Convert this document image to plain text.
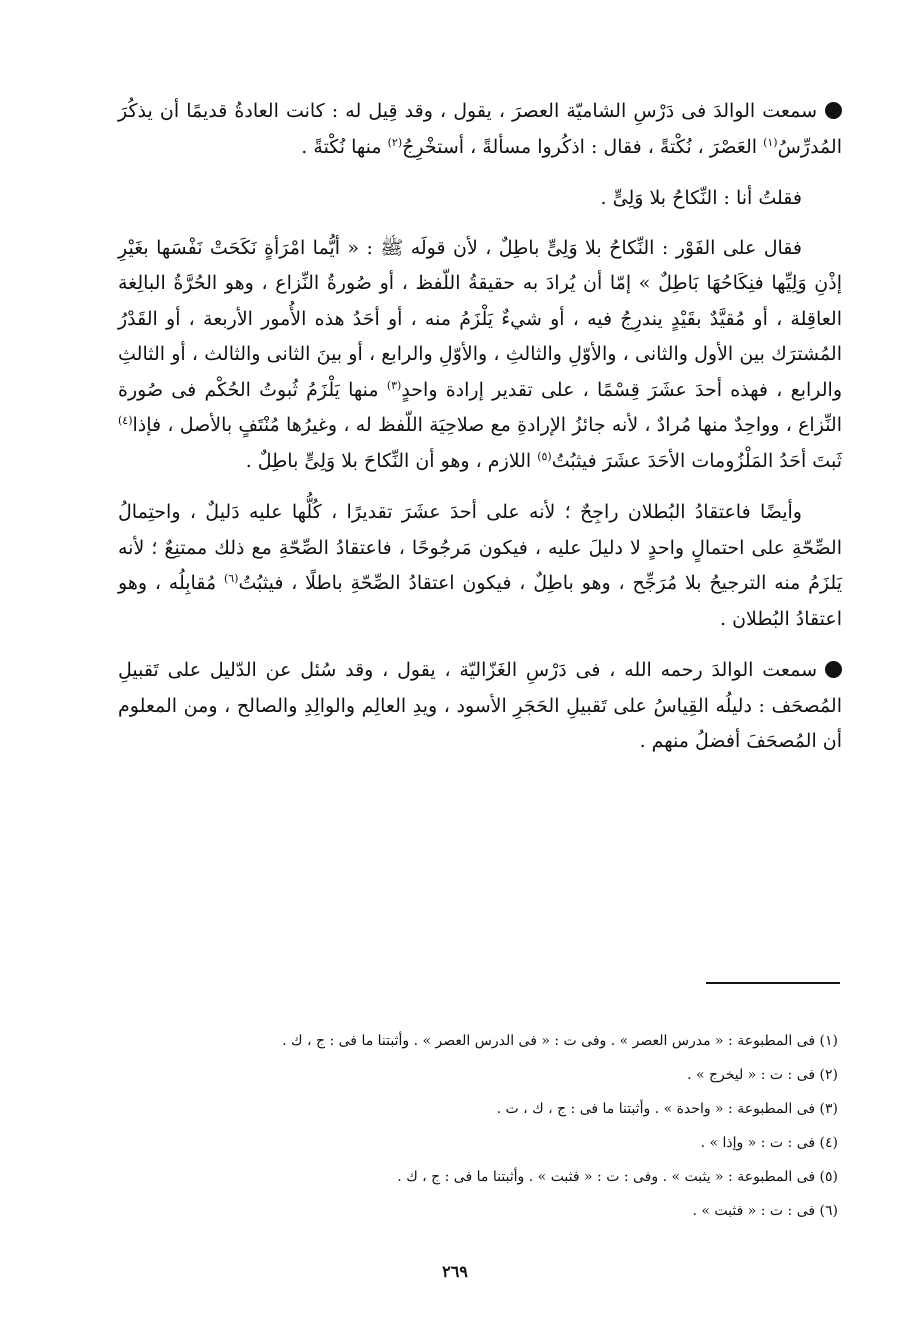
سمعت الوالدَ فى دَرْسِ الشاميّة العصرَ ، يقول ، وقد قِيل له : كانت العادةُ قديمًا أن يذكُرَ المُدرِّسُ$^{(١)}$ العَصْرَ ، نُكْتةً ، فقال : اذكُروا مسألةً ، أستخْرِجُ$^{(٢)}$ منها نُكْتةً .

فقلتُ أنا : النِّكاحُ بلا وَلِىٍّ .

فقال على الفَوْر : النِّكاحُ بلا وَلِىٍّ باطِلٌ ، لأن قولَه ﷺ : « أيُّما امْرَأةٍ نَكَحَتْ نَفْسَها بغَيْرِ إذْنِ وَلِيِّها فنِكَاحُهَا بَاطِلٌ » إمّا أن يُرادَ به حقيقةُ اللّفظ ، أو صُورةُ النِّزاع ، وهو الحُرَّةُ البالِغة العاقِلة ، أو مُقيَّدٌ بقَيْدٍ يندرِجُ فيه ، أو شيءٌ يَلْزَمُ منه ، أو أحَدُ هذه الأُمور الأربعة ، أو القَدْرُ المُشترَك بين الأول والثانى ، والأوّلِ والثالثِ ، والأوّلِ والرابع ، أو بينَ الثانى والثالث ، أو الثالثِ والرابع ، فهذه أحدَ عشَرَ قِسْمًا ، على تقدير إرادة واحدٍ$^{(٣)}$ منها يَلْزَمُ ثُبوتُ الحُكْم فى صُورة النِّزاع ، وواحِدٌ منها مُرادٌ ، لأنه جائزُ الإرادةِ مع صلاحِيَة اللّفظ له ، وغيرُها مُنْتَفٍ بالأصل ، فإذا$^{(٤)}$ ثَبتَ أحَدُ المَلْزُومات الأحَدَ عشَرَ فيثبُتُ$^{(٥)}$ اللازم ، وهو أن النِّكاحَ بلا وَلِىٍّ باطِلٌ .

وأيضًا فاعتقادُ البُطلان راجِحٌ ؛ لأنه على أحدَ عشَرَ تقديرًا ، كُلُّها عليه دَليلٌ ، واحتِمالُ الصِّحّةِ على احتمالٍ واحدٍ لا دليلَ عليه ، فيكون مَرجُوحًا ، فاعتقادُ الصِّحّةِ مع ذلك ممتنِعٌ ؛ لأنه يَلزَمُ منه الترجيحُ بلا مُرَجِّح ، وهو باطِلٌ ، فيكون اعتقادُ الصِّحّةِ باطلًا ، فيثبُتُ$^{(٦)}$ مُقابِلُه ، وهو اعتقادُ البُطلان .

سمعت الوالدَ رحمه الله ، فى دَرْسِ الغَزّاليّة ، يقول ، وقد سُئل عن الدّليل على تَقبيلِ المُصحَف : دليلُه القِياسُ على تَقبيلِ الحَجَرِ الأسود ، ويدِ العالِم والوالِدِ والصالح ، ومن المعلوم أن المُصحَفَ أفضلُ منهم .

(١) فى المطبوعة : « مدرس العصر » . وفى ت : « فى الدرس العصر » . وأثبتنا ما فى : ج ، ك .

(٢) فى : ت : « ليخرج » .

(٣) فى المطبوعة : « واحدة » . وأثبتنا ما فى : ج ، ك ، ت .

(٤) فى : ت : « وإذا » .

(٥) فى المطبوعة : « يثبت » . وفى : ت : « فثبت » . وأثبتنا ما فى : ج ، ك .

(٦) فى : ت : « فثبت » .

٢٦٩
